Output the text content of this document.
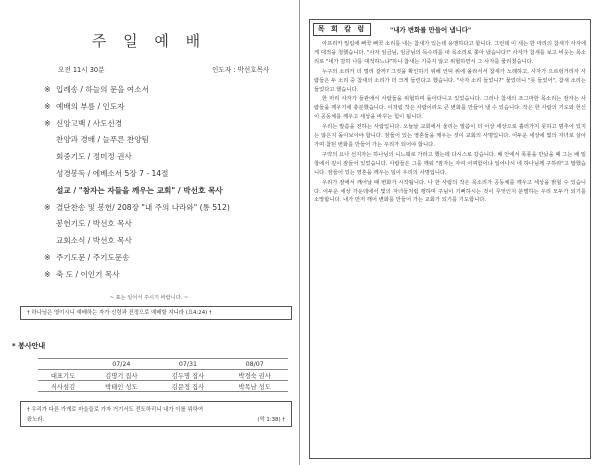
주 일 예 배
오전 11시 30분	인도자 : 박선호목사
※ 입례송 / 하늘의 문을 여소서
※ 예배의 부름 / 인도자
※ 신앙고백 / 사도신경
찬양과 경배 / 늘푸른 찬양팀
회중기도 / 정미정 권사
성경봉독 / 에베소서 5장 7 - 14절
설교 / "참자는 자들을 깨우는 교회" / 박선호 목사
※ 결단찬송 및 봉헌/ 208장 "내 주의 나라와" (통 512)
봉헌기도 / 박선호 목사
교회소식 / 박선호 목사
※ 주기도문 / 주기도문송
※ 축 도 / 이인기 목사
~ 표는 일어서 주시기 바랍니다. ~
† 하나님은 영이시니 예배하는 자가 신령과 진정으로 예배할 지니라 (요4:24) †
* 봉사안내
	07/24	07/31	08/07
대표기도	김명기 집사	김두명 집사	박경숙 권사
식사섬김	박태인 성도	김문정 집사	박목남 성도
† 우리가 다른 가게로 마을들로 가자 거기서도 전도하리니 내가 이를 위하여
왔노라.	(막 1:38) †
목 회 칼 럼	"내가 변화를 만들어 냅니다"

아프리카 밀림에 뻐꾹 뻐꾹 소리를 내는 참새가 있는데 용맹하다고 합니다. 그런데 이 새는 한 마리의 참새가 사자에게 대적을 청했습니다. "사자 임금님, 임금님의 독수리를 내 목소리로 쫓아 냈습니다!" 사자가 참새를 보고 비웃는 목소리로 "네가 감히 나를 대적하느냐"하니 참새는 기죽지 않고 위협하면서 그 사자를 물리쳤습니다.

누구의 소리가 더 멀리 갈까? 그것을 확인하기 위해 언덕 위에 올라서서 참새가 노래하고, 사자가 으르렁거리자 사람들은 두 소리 중 참새의 소리가 더 크게 들린다고 했습니다. "사자 소리 들었니?" 물었더니 "못 들었어", 참새 소리는 들었다고 했습니다.

한 마리 사자가 들판에서 사람들을 위협하며 돌아다니고 있었습니다. 그러나 참새의 조그마한 목소리는 잠자는 사람들을 깨우기에 충분했습니다. 이처럼 작은 사람이라도 큰 변화를 만들어 낼 수 있습니다. 작은 한 사람의 기도와 헌신이 공동체를 깨우고 세상을 바꾸는 힘이 됩니다.

우리는 말씀을 전하는 사람입니다. 오늘날 교회에서 울리는 말씀이 더 이상 세상으로 흘러가지 못하고 멈추어 있지는 않은지 돌아보아야 합니다. 잠들어 있는 영혼들을 깨우는 것이 교회의 사명입니다. 어두운 세상에 빛의 자녀로 살아가며 참된 변화를 만들어 가는 우리가 되어야 합니다.

구약의 요나 선지자는 하나님의 니느웨로 가라고 했는데 다시스로 갔습니다. 배 안에서 폭풍을 만났을 때 그는 배 밑창에서 깊이 잠들어 있었습니다. 사람들은 그를 깨워 "잠자는 자여 어찌함이냐 일어나서 네 하나님께 구하라"고 말했습니다. 잠들어 있는 영혼을 깨우는 일이 우리의 사명입니다.

우리가 잠에서 깨어날 때 변화가 시작됩니다. 나 한 사람의 작은 목소리가 공동체를 깨우고 세상을 밝힐 수 있습니다. 어두운 세상 가운데에서 빛의 자녀들처럼 행하며 주님이 기뻐하시는 것이 무엇인지 분별하는 우리 모두가 되기를 소망합니다. 내가 먼저 깨어 변화를 만들어 가는 교회가 되기를 기도합니다.
